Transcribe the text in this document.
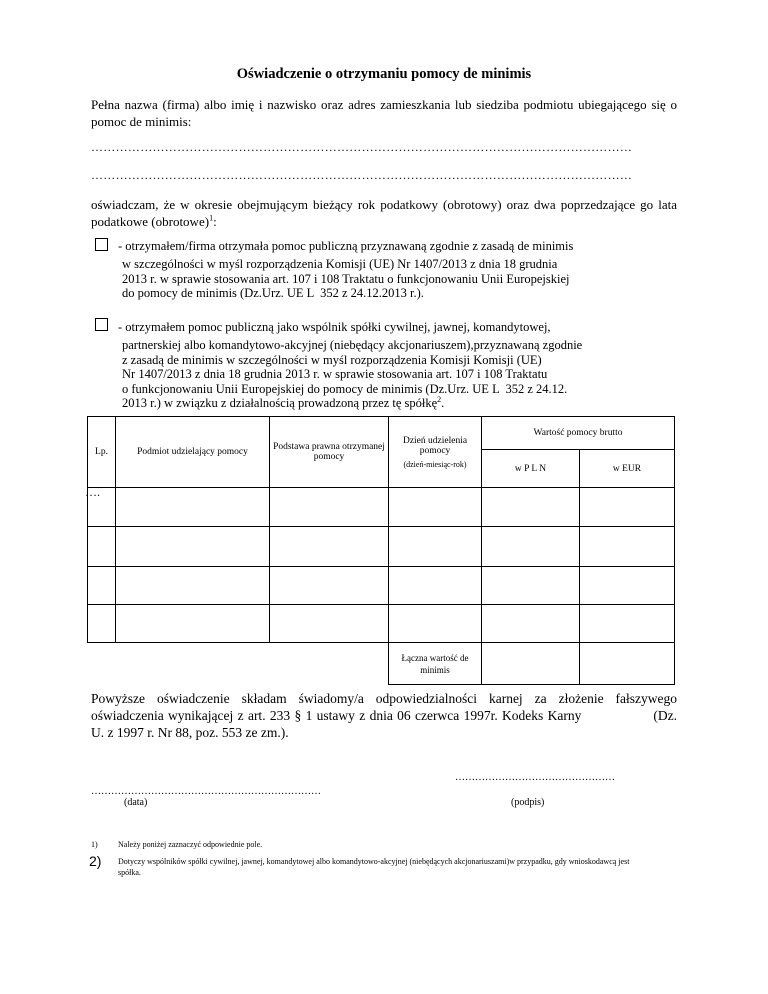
Oświadczenie o otrzymaniu pomocy de minimis
Pełna nazwa (firma) albo imię i nazwisko oraz adres zamieszkania lub siedziba podmiotu ubiegającego się o pomoc de minimis:
……………………………………………………………………………………………………………………
……………………………………………………………………………………………………………………
oświadczam, że w okresie obejmującym bieżący rok podatkowy (obrotowy) oraz dwa poprzedzające go lata podatkowe (obrotowe)$^1$:
- otrzymałem/firma otrzymała pomoc publiczną przyznawaną zgodnie z zasadą de minimis
w szczególności w myśl rozporządzenia Komisji (UE) Nr 1407/2013 z dnia 18 grudnia
2013 r. w sprawie stosowania art. 107 i 108 Traktatu o funkcjonowaniu Unii Europejskiej
do pomocy de minimis (Dz.Urz. UE L  352 z 24.12.2013 r.).
- otrzymałem pomoc publiczną jako wspólnik spółki cywilnej, jawnej, komandytowej,
partnerskiej albo komandytowo-akcyjnej (niebędący akcjonariuszem),przyznawaną zgodnie
z zasadą de minimis w szczególności w myśl rozporządzenia Komisji Komisji (UE)
Nr 1407/2013 z dnia 18 grudnia 2013 r. w sprawie stosowania art. 107 i 108 Traktatu
o funkcjonowaniu Unii Europejskiej do pomocy de minimis (Dz.Urz. UE L  352 z 24.12.
2013 r.) w związku z działalnością prowadzoną przez tę spółkę$^2$.
Lp.	Podmiot udzielający pomocy	Podstawa prawna otrzymanej pomocy	Dzień udzielenia pomocy
(dzień-miesiąc-rok)	Wartość pomocy brutto	
				w P L N	w EUR
….					

			Łączna wartość de minimis		
Powyższe oświadczenie składam świadomy/a odpowiedzialności karnej za złożenie fałszywego oświadczenia wynikającej z art. 233 § 1 ustawy z dnia 06 czerwca 1997r. Kodeks Karny	(Dz. U. z 1997 r. Nr 88, poz. 553 ze zm.).
…………………………………………
……………………………………………………………
(data)	(podpis)
1)	Należy poniżej zaznaczyć odpowiednie pole.
2) Dotyczy wspólników spółki cywilnej, jawnej, komandytowej albo komandytowo-akcyjnej (niebędących akcjonariuszami)w przypadku, gdy wnioskodawcą jest spółka.
